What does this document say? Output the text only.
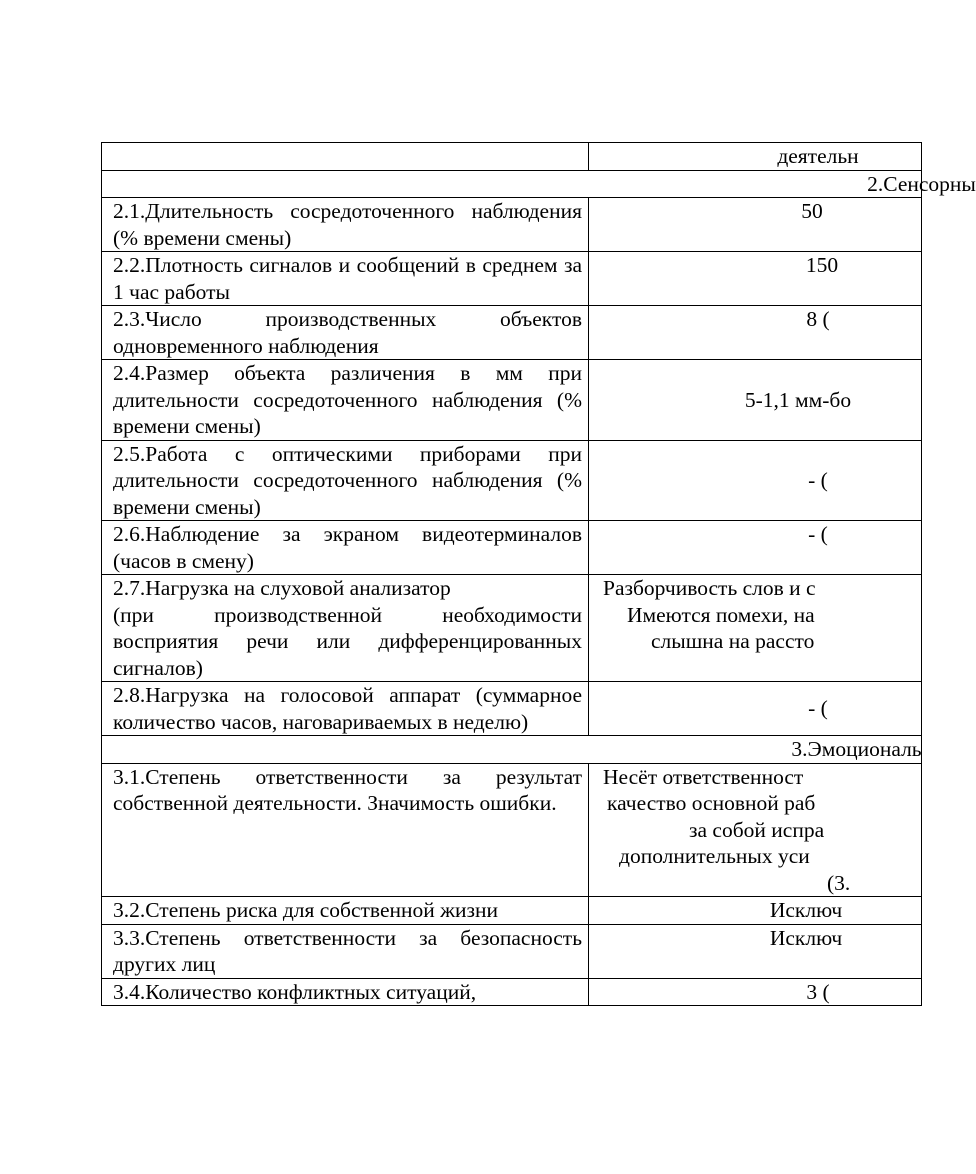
	деятельн
2.Сенсорны	
2.1.Длительность сосредоточенного наблюдения (% времени смены)	50
2.2.Плотность сигналов и сообщений в среднем за 1 час работы	150
2.3.Число производственных объектов одновременного наблюдения	8 (
2.4.Размер объекта различения в мм при длительности сосредоточенного наблюдения (% времени смены)	5-1,1 мм-бо
2.5.Работа с оптическими приборами при длительности сосредоточенного наблюдения (% времени смены)	- (
2.6.Наблюдение за экраном видеотерминалов (часов в смену)	- (

2.7.Нагрузка на слуховой анализатор
(при производственной необходимости восприятия речи или дифференцированных сигналов)	Разборчивость слов и с
Имеются помехи, на
слышна на рассто

2.8.Нагрузка на голосовой аппарат (суммарное количество часов, наговариваемых в неделю)	- (
3.Эмоциональ	
3.1.Степень ответственности за результат собственной деятельности. Значимость ошибки.	Несёт ответственност
качество основной раб
за собой испра
дополнительных уси
(3.

3.2.Степень риска для собственной жизни	Исключ
3.3.Степень ответственности за безопасность других лиц	Исключ
3.4.Количество конфликтных ситуаций,	3 (
